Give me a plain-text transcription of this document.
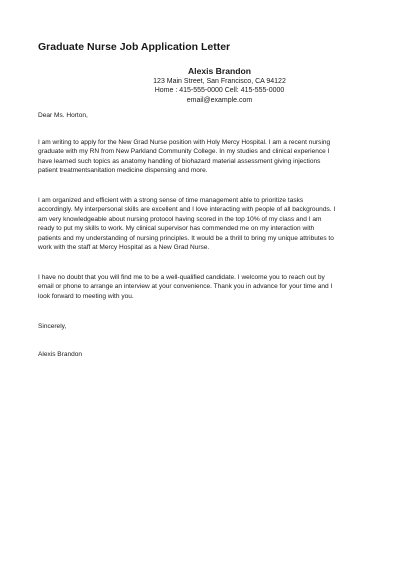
Graduate Nurse Job Application Letter
Alexis Brandon
123 Main Street, San Francisco, CA 94122
Home : 415-555-0000 Cell: 415-555-0000
email@example.com
Dear Ms. Horton,
I am writing to apply for the New Grad Nurse position with Holy Mercy Hospital. I am a recent nursing
graduate with my RN from New Parkland Community College. In my studies and clinical experience I
have learned such topics as anatomy handling of biohazard material assessment giving injections
patient treatmentsanitation medicine dispensing and more.
I am organized and efficient with a strong sense of time management able to prioritize tasks
accordingly. My interpersonal skills are excellent and I love interacting with people of all backgrounds. I
am very knowledgeable about nursing protocol having scored in the top 10% of my class and I am
ready to put my skills to work. My clinical supervisor has commended me on my interaction with
patients and my understanding of nursing principles. It would be a thrill to bring my unique attributes to
work with the staff at Mercy Hospital as a New Grad Nurse.
I have no doubt that you will find me to be a well-qualified candidate. I welcome you to reach out by
email or phone to arrange an interview at your convenience. Thank you in advance for your time and I
look forward to meeting with you.
Sincerely,
Alexis Brandon
